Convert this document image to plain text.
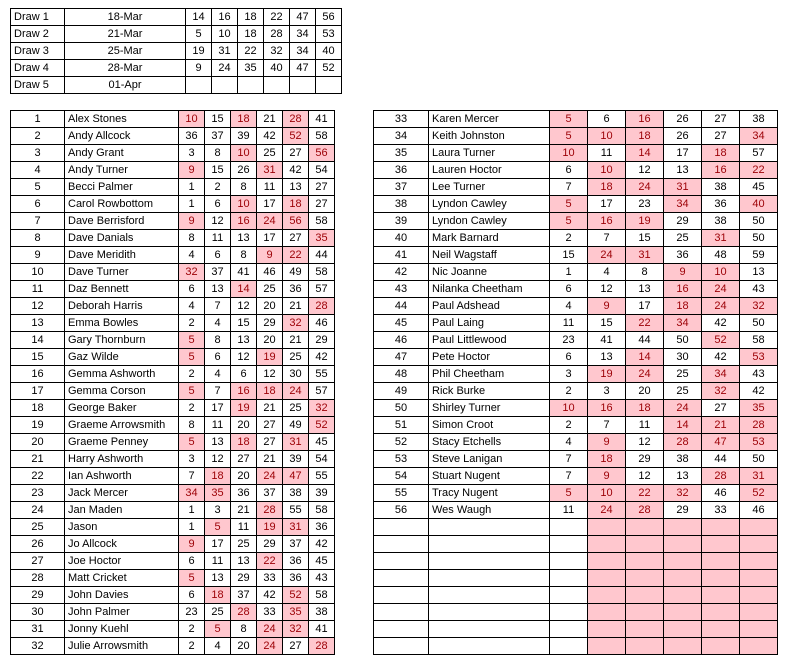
Draw 1	18-Mar	14	16	18	22	47	56
Draw 2	21-Mar	5	10	18	28	34	53
Draw 3	25-Mar	19	31	22	32	34	40
Draw 4	28-Mar	9	24	35	40	47	52
Draw 5	01-Apr						
1	Alex Stones	10	15	18	21	28	41
2	Andy Allcock	36	37	39	42	52	58
3	Andy Grant	3	8	10	25	27	56
4	Andy Turner	9	15	26	31	42	54
5	Becci Palmer	1	2	8	11	13	27
6	Carol Rowbottom	1	6	10	17	18	27
7	Dave Berrisford	9	12	16	24	56	58
8	Dave Danials	8	11	13	17	27	35
9	Dave Meridith	4	6	8	9	22	44
10	Dave Turner	32	37	41	46	49	58
11	Daz Bennett	6	13	14	25	36	57
12	Deborah Harris	4	7	12	20	21	28
13	Emma Bowles	2	4	15	29	32	46
14	Gary Thornburn	5	8	13	20	21	29
15	Gaz Wilde	5	6	12	19	25	42
16	Gemma Ashworth	2	4	6	12	30	55
17	Gemma Corson	5	7	16	18	24	57
18	George Baker	2	17	19	21	25	32
19	Graeme Arrowsmith	8	11	20	27	49	52
20	Graeme Penney	5	13	18	27	31	45
21	Harry Ashworth	3	12	27	21	39	54
22	Ian Ashworth	7	18	20	24	47	55
23	Jack Mercer	34	35	36	37	38	39
24	Jan Maden	1	3	21	28	55	58
25	Jason	1	5	11	19	31	36
26	Jo Allcock	9	17	25	29	37	42
27	Joe Hoctor	6	11	13	22	36	45
28	Matt Cricket	5	13	29	33	36	43
29	John Davies	6	18	37	42	52	58
30	John Palmer	23	25	28	33	35	38
31	Jonny Kuehl	2	5	8	24	32	41
32	Julie Arrowsmith	2	4	20	24	27	28
33	Karen Mercer	5	6	16	26	27	38
34	Keith Johnston	5	10	18	26	27	34
35	Laura Turner	10	11	14	17	18	57
36	Lauren Hoctor	6	10	12	13	16	22
37	Lee Turner	7	18	24	31	38	45
38	Lyndon Cawley	5	17	23	34	36	40
39	Lyndon Cawley	5	16	19	29	38	50
40	Mark Barnard	2	7	15	25	31	50
41	Neil Wagstaff	15	24	31	36	48	59
42	Nic Joanne	1	4	8	9	10	13
43	Nilanka Cheetham	6	12	13	16	24	43
44	Paul Adshead	4	9	17	18	24	32
45	Paul Laing	11	15	22	34	42	50
46	Paul Littlewood	23	41	44	50	52	58
47	Pete Hoctor	6	13	14	30	42	53
48	Phil Cheetham	3	19	24	25	34	43
49	Rick Burke	2	3	20	25	32	42
50	Shirley Turner	10	16	18	24	27	35
51	Simon Croot	2	7	11	14	21	28
52	Stacy Etchells	4	9	12	28	47	53
53	Steve Lanigan	7	18	29	38	44	50
54	Stuart Nugent	7	9	12	13	28	31
55	Tracy Nugent	5	10	22	32	46	52
56	Wes Waugh	11	24	28	29	33	46
